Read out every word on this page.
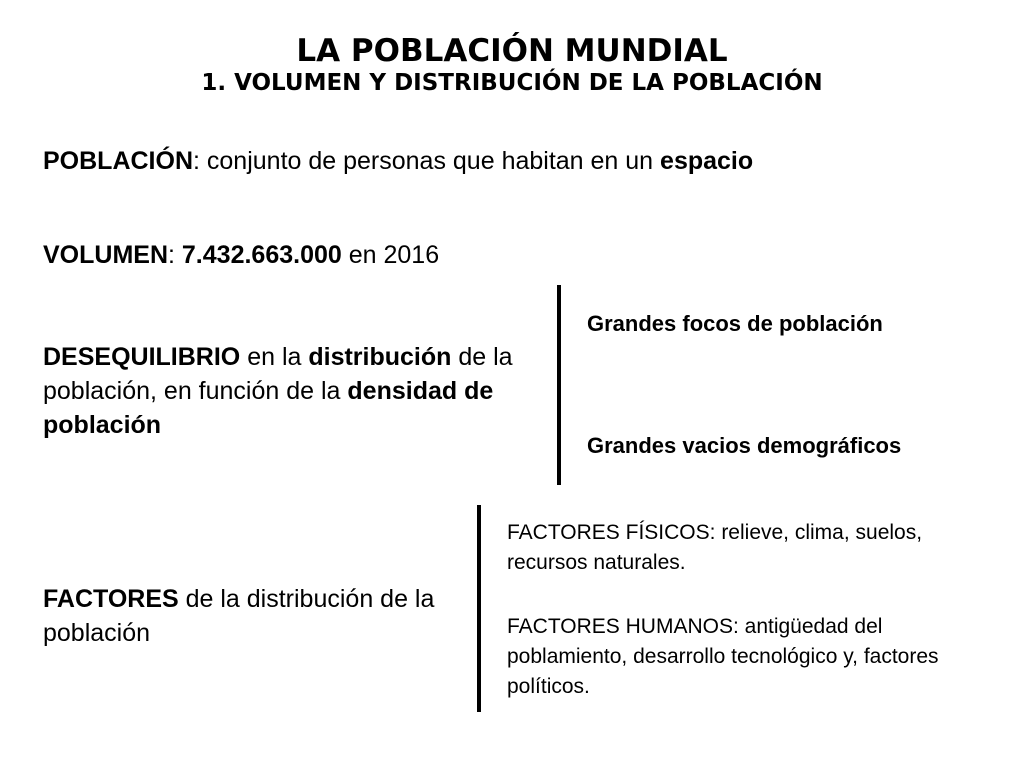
LA POBLACIÓN MUNDIAL
1. VOLUMEN Y DISTRIBUCIÓN DE LA POBLACIÓN
POBLACIÓN: conjunto de personas que habitan en un espacio
VOLUMEN: 7.432.663.000 en 2016
DESEQUILIBRIO en la distribución de la población, en función de la densidad de población
Grandes focos de población
Grandes vacios demográficos
FACTORES de la distribución de la población
FACTORES FÍSICOS: relieve, clima, suelos, recursos naturales.
FACTORES HUMANOS: antigüedad del poblamiento, desarrollo tecnológico y, factores políticos.
